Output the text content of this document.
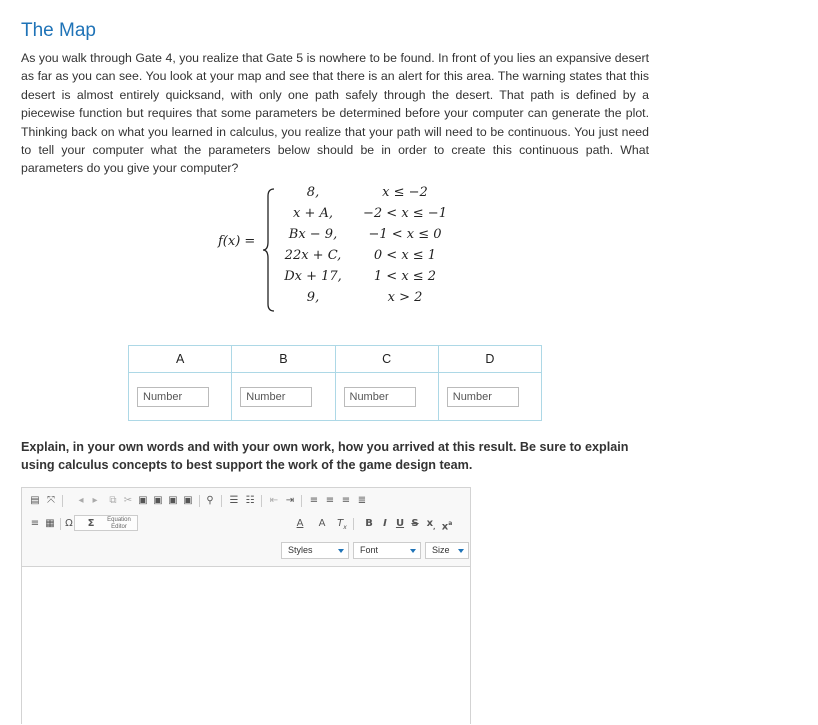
The Map

As you walk through Gate 4, you realize that Gate 5 is nowhere to be found. In front of you lies an expansive desert as far as you can see. You look at your map and see that there is an alert for this area. The warning states that this desert is almost entirely quicksand, with only one path safely through the desert. That path is defined by a piecewise function but requires that some parameters be determined before your computer can generate the plot. Thinking back on what you learned in calculus, you realize that your path will need to be continuous. You just need to tell your computer what the parameters below should be in order to create this continuous path. What parameters do you give your computer?

f(x) =
8,	x ≤ −2
x + A,	−2 < x ≤ −1
Bx − 9,	−1 < x ≤ 0
22x + C,	0 < x ≤ 1
Dx + 17,	1 < x ≤ 2
9,	x > 2
A	B	C	D

Number	
Number	
Number	
Number

Explain, in your own words and with your own work, how you arrived at this result. Be sure to explain using calculus concepts to best support the work of the game design team.

▤ ⤧	◂ ▸	⧉ ✂ ▣ ▣ ▣ ▣	⚲	☰ ☷ ⇤ ⇥ ≡ ≡ ≡ ≣
≡ ▦	Ω	Σ	Equation Editor	A	A	$T_x$	B	I U S $x_,$ $x^a$
Styles	Font	Size
